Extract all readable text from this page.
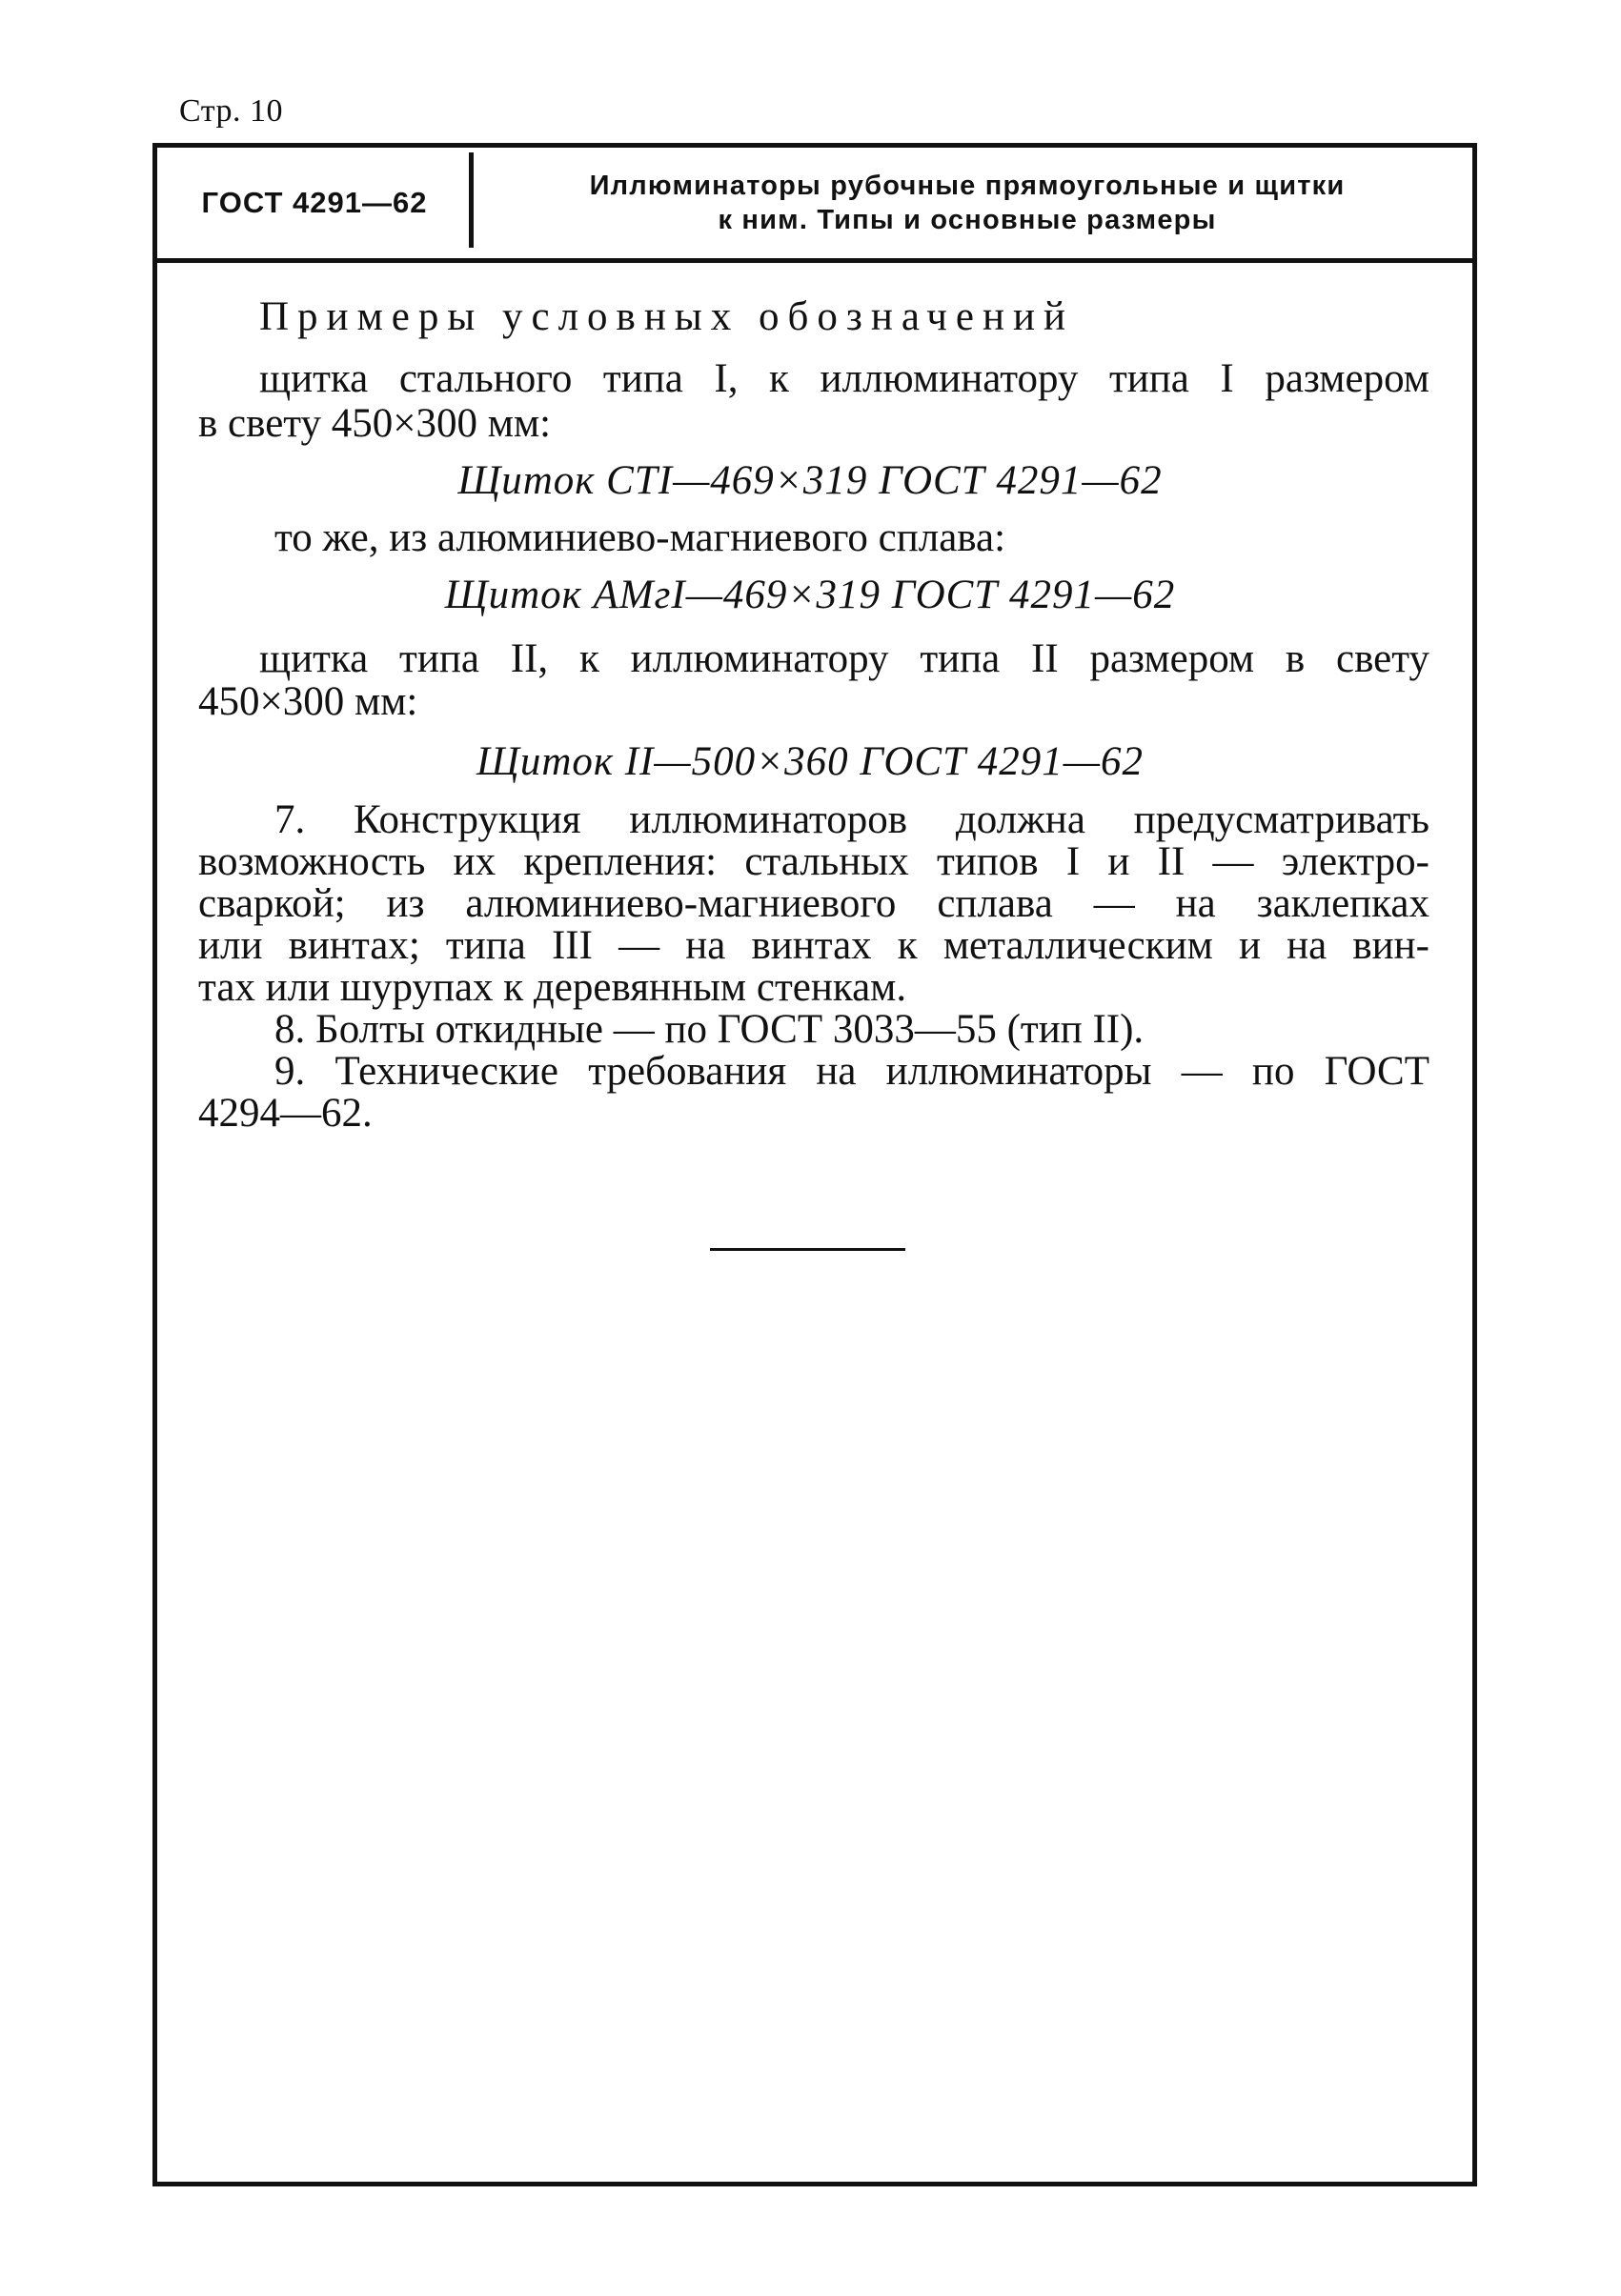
Стр. 10
ГОСТ 4291—62	Иллюминаторы рубочные прямоугольные и щитки
к ним. Типы и основные размеры
Примеры условных обозначений
щитка стального типа I, к иллюминатору типа I размером
в свету 450×300 мм:
Щиток СТI—469×319 ГОСТ 4291—62
то же, из алюминиево-магниевого сплава:
Щиток АМгI—469×319 ГОСТ 4291—62
щитка типа II, к иллюминатору типа II размером в свету
450×300 мм:
Щиток II—500×360 ГОСТ 4291—62
7. Конструкция иллюминаторов должна предусматривать
возможность их крепления: стальных типов I и II — электро-
сваркой; из алюминиево-магниевого сплава — на заклепках
или винтах; типа III — на винтах к металлическим и на вин-
тах или шурупах к деревянным стенкам.
8. Болты откидные — по ГОСТ 3033—55 (тип II).
9. Технические требования на иллюминаторы — по ГОСТ
4294—62.
